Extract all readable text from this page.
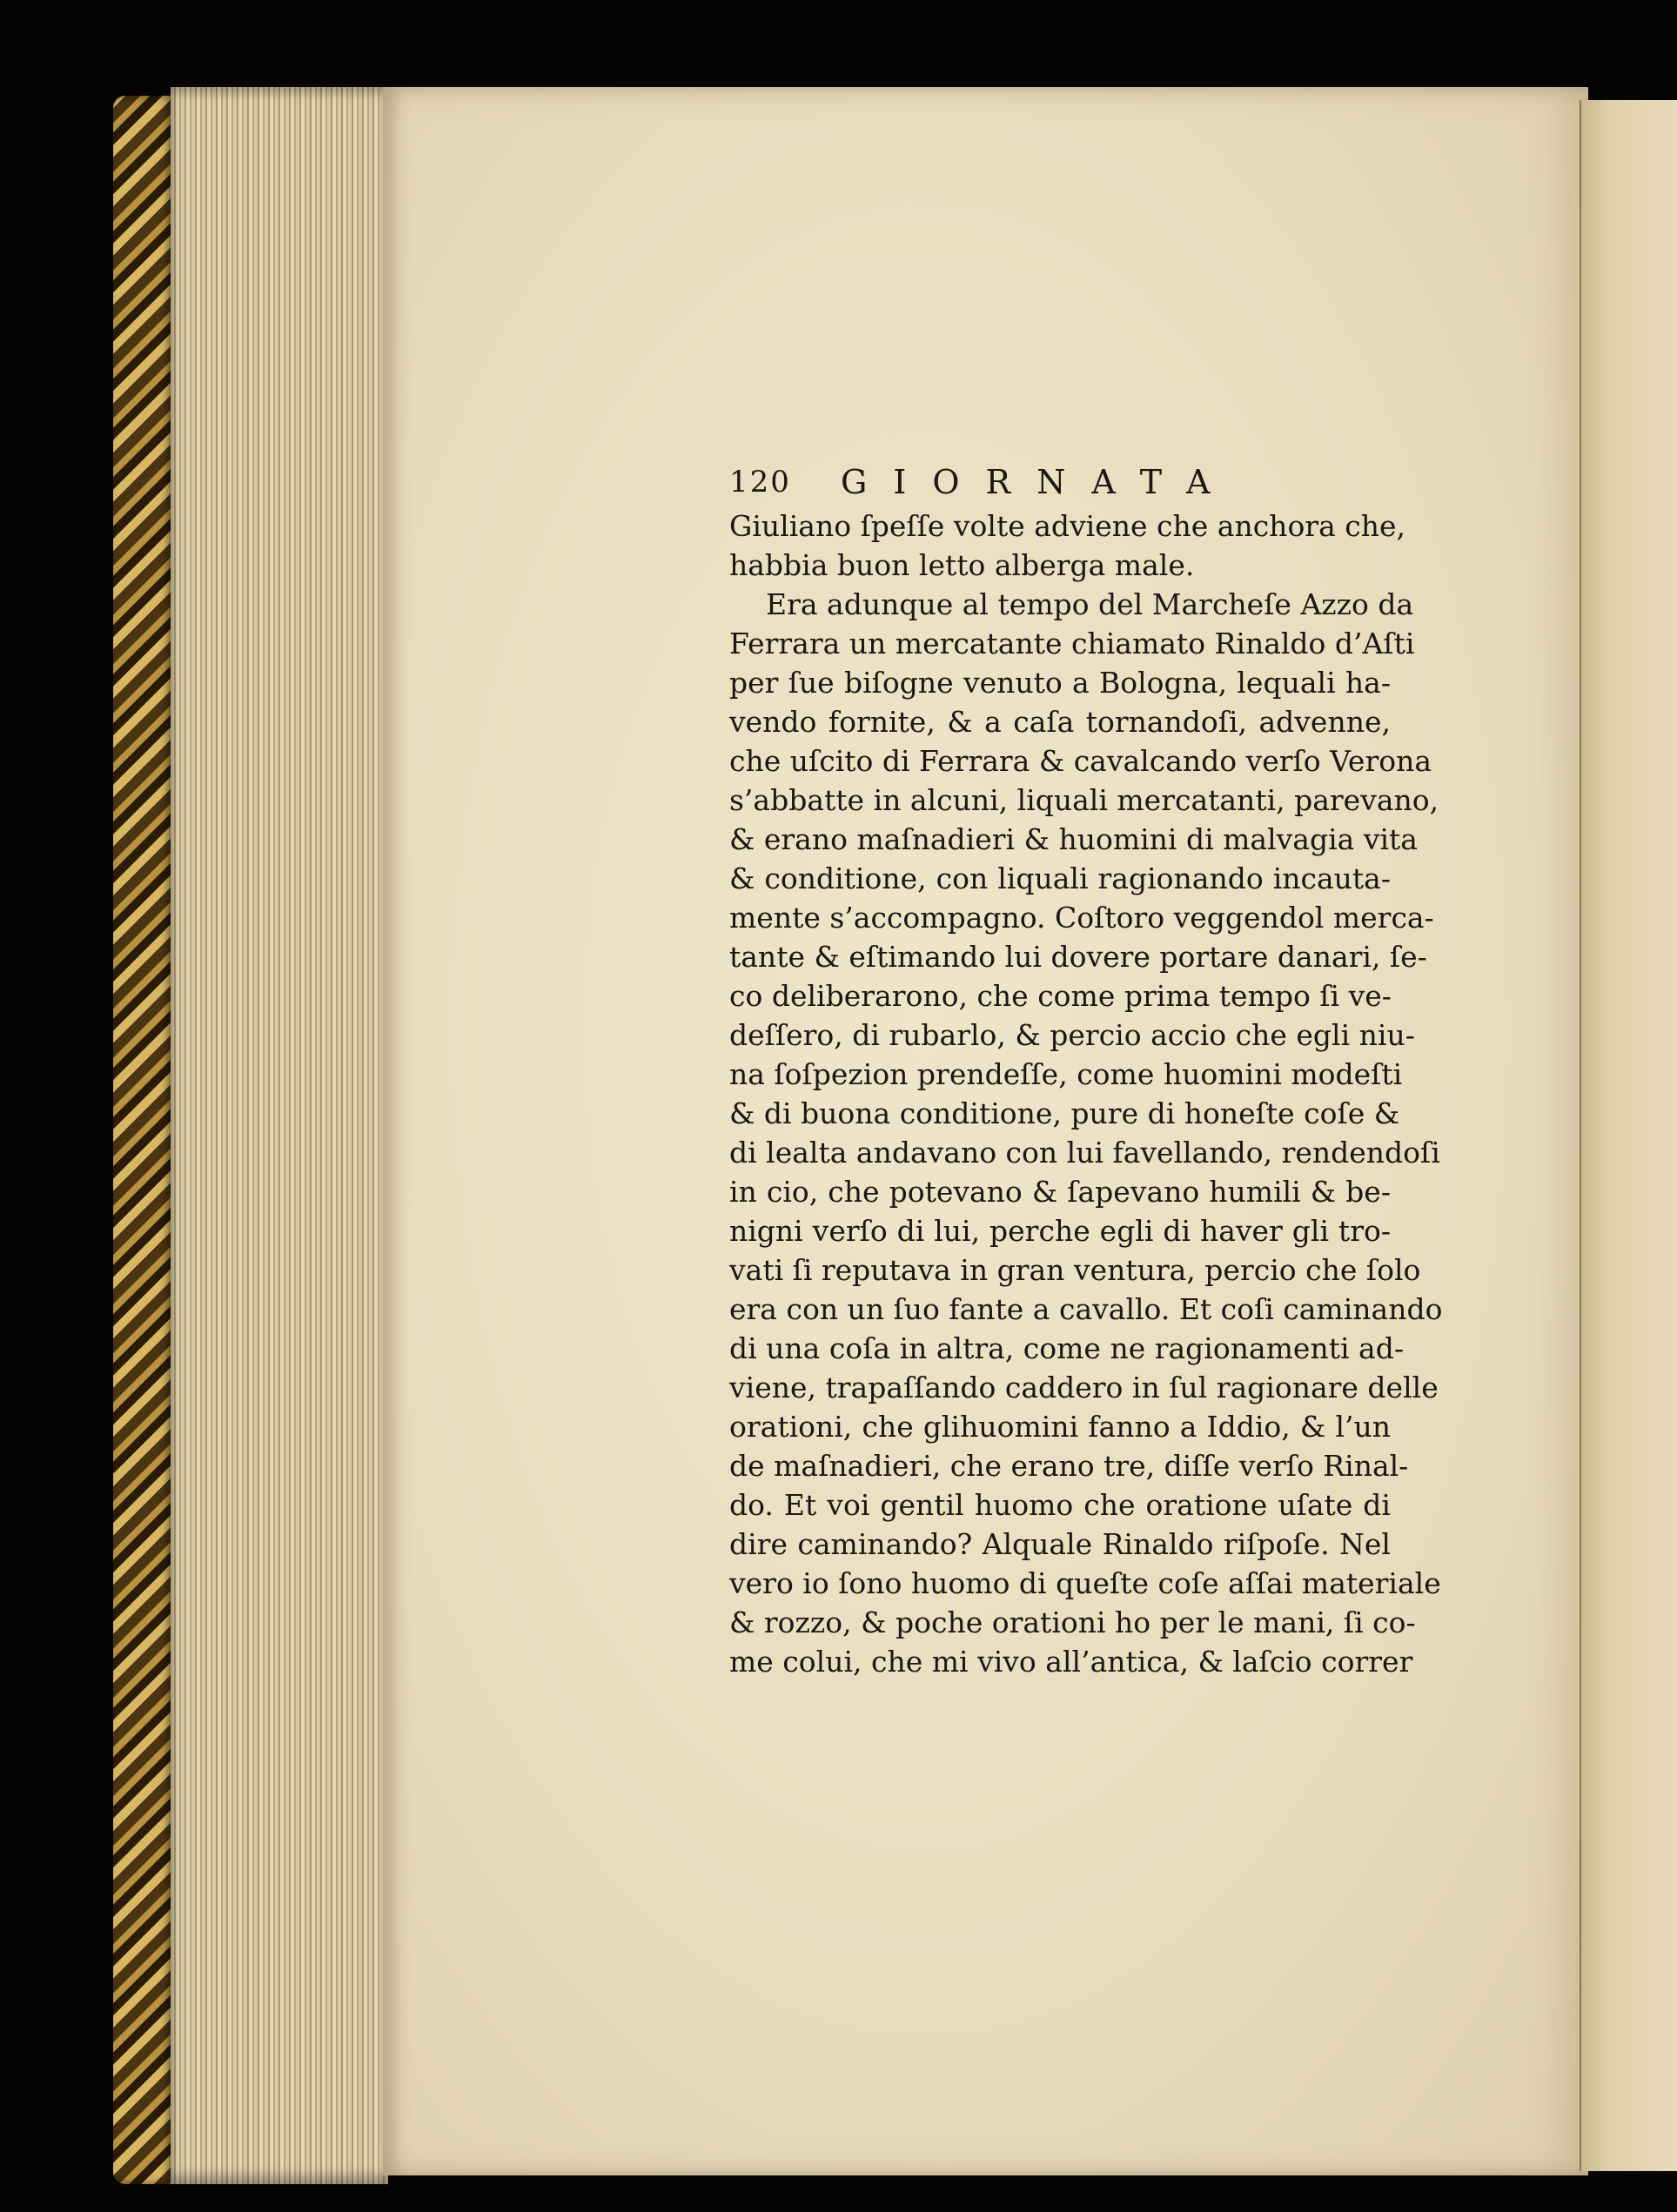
120 GIORNATA
Giuliano ſpeſſe volte adviene che anchora che,
habbia buon letto alberga male.
Era adunque al tempo del Marcheſe Azzo da
Ferrara un mercatante chiamato Rinaldo d’Aſti
per ſue biſogne venuto a Bologna, lequali ha-
vendo fornite, & a caſa tornandoſi, advenne,
che uſcito di Ferrara & cavalcando verſo Verona
s’abbatte in alcuni, liquali mercatanti, parevano,
& erano maſnadieri & huomini di malvagia vita
& conditione, con liquali ragionando incauta-
mente s’accompagno. Coſtoro veggendol merca-
tante & eſtimando lui dovere portare danari, ſe-
co deliberarono, che come prima tempo ſi ve-
deſſero, di rubarlo, & percio accio che egli niu-
na ſoſpezion prendeſſe, come huomini modeſti
& di buona conditione, pure di honeſte coſe &
di lealta andavano con lui favellando, rendendoſi
in cio, che potevano & ſapevano humili & be-
nigni verſo di lui, perche egli di haver gli tro-
vati ſi reputava in gran ventura, percio che ſolo
era con un ſuo fante a cavallo. Et coſi caminando
di una coſa in altra, come ne ragionamenti ad-
viene, trapaſſando caddero in ſul ragionare delle
orationi, che glihuomini fanno a Iddio, & l’un
de maſnadieri, che erano tre, diſſe verſo Rinal-
do. Et voi gentil huomo che oratione uſate di
dire caminando? Alquale Rinaldo riſpoſe. Nel
vero io ſono huomo di queſte coſe aſſai materiale
& rozzo, & poche orationi ho per le mani, ſi co-
me colui, che mi vivo all’antica, & laſcio correr
